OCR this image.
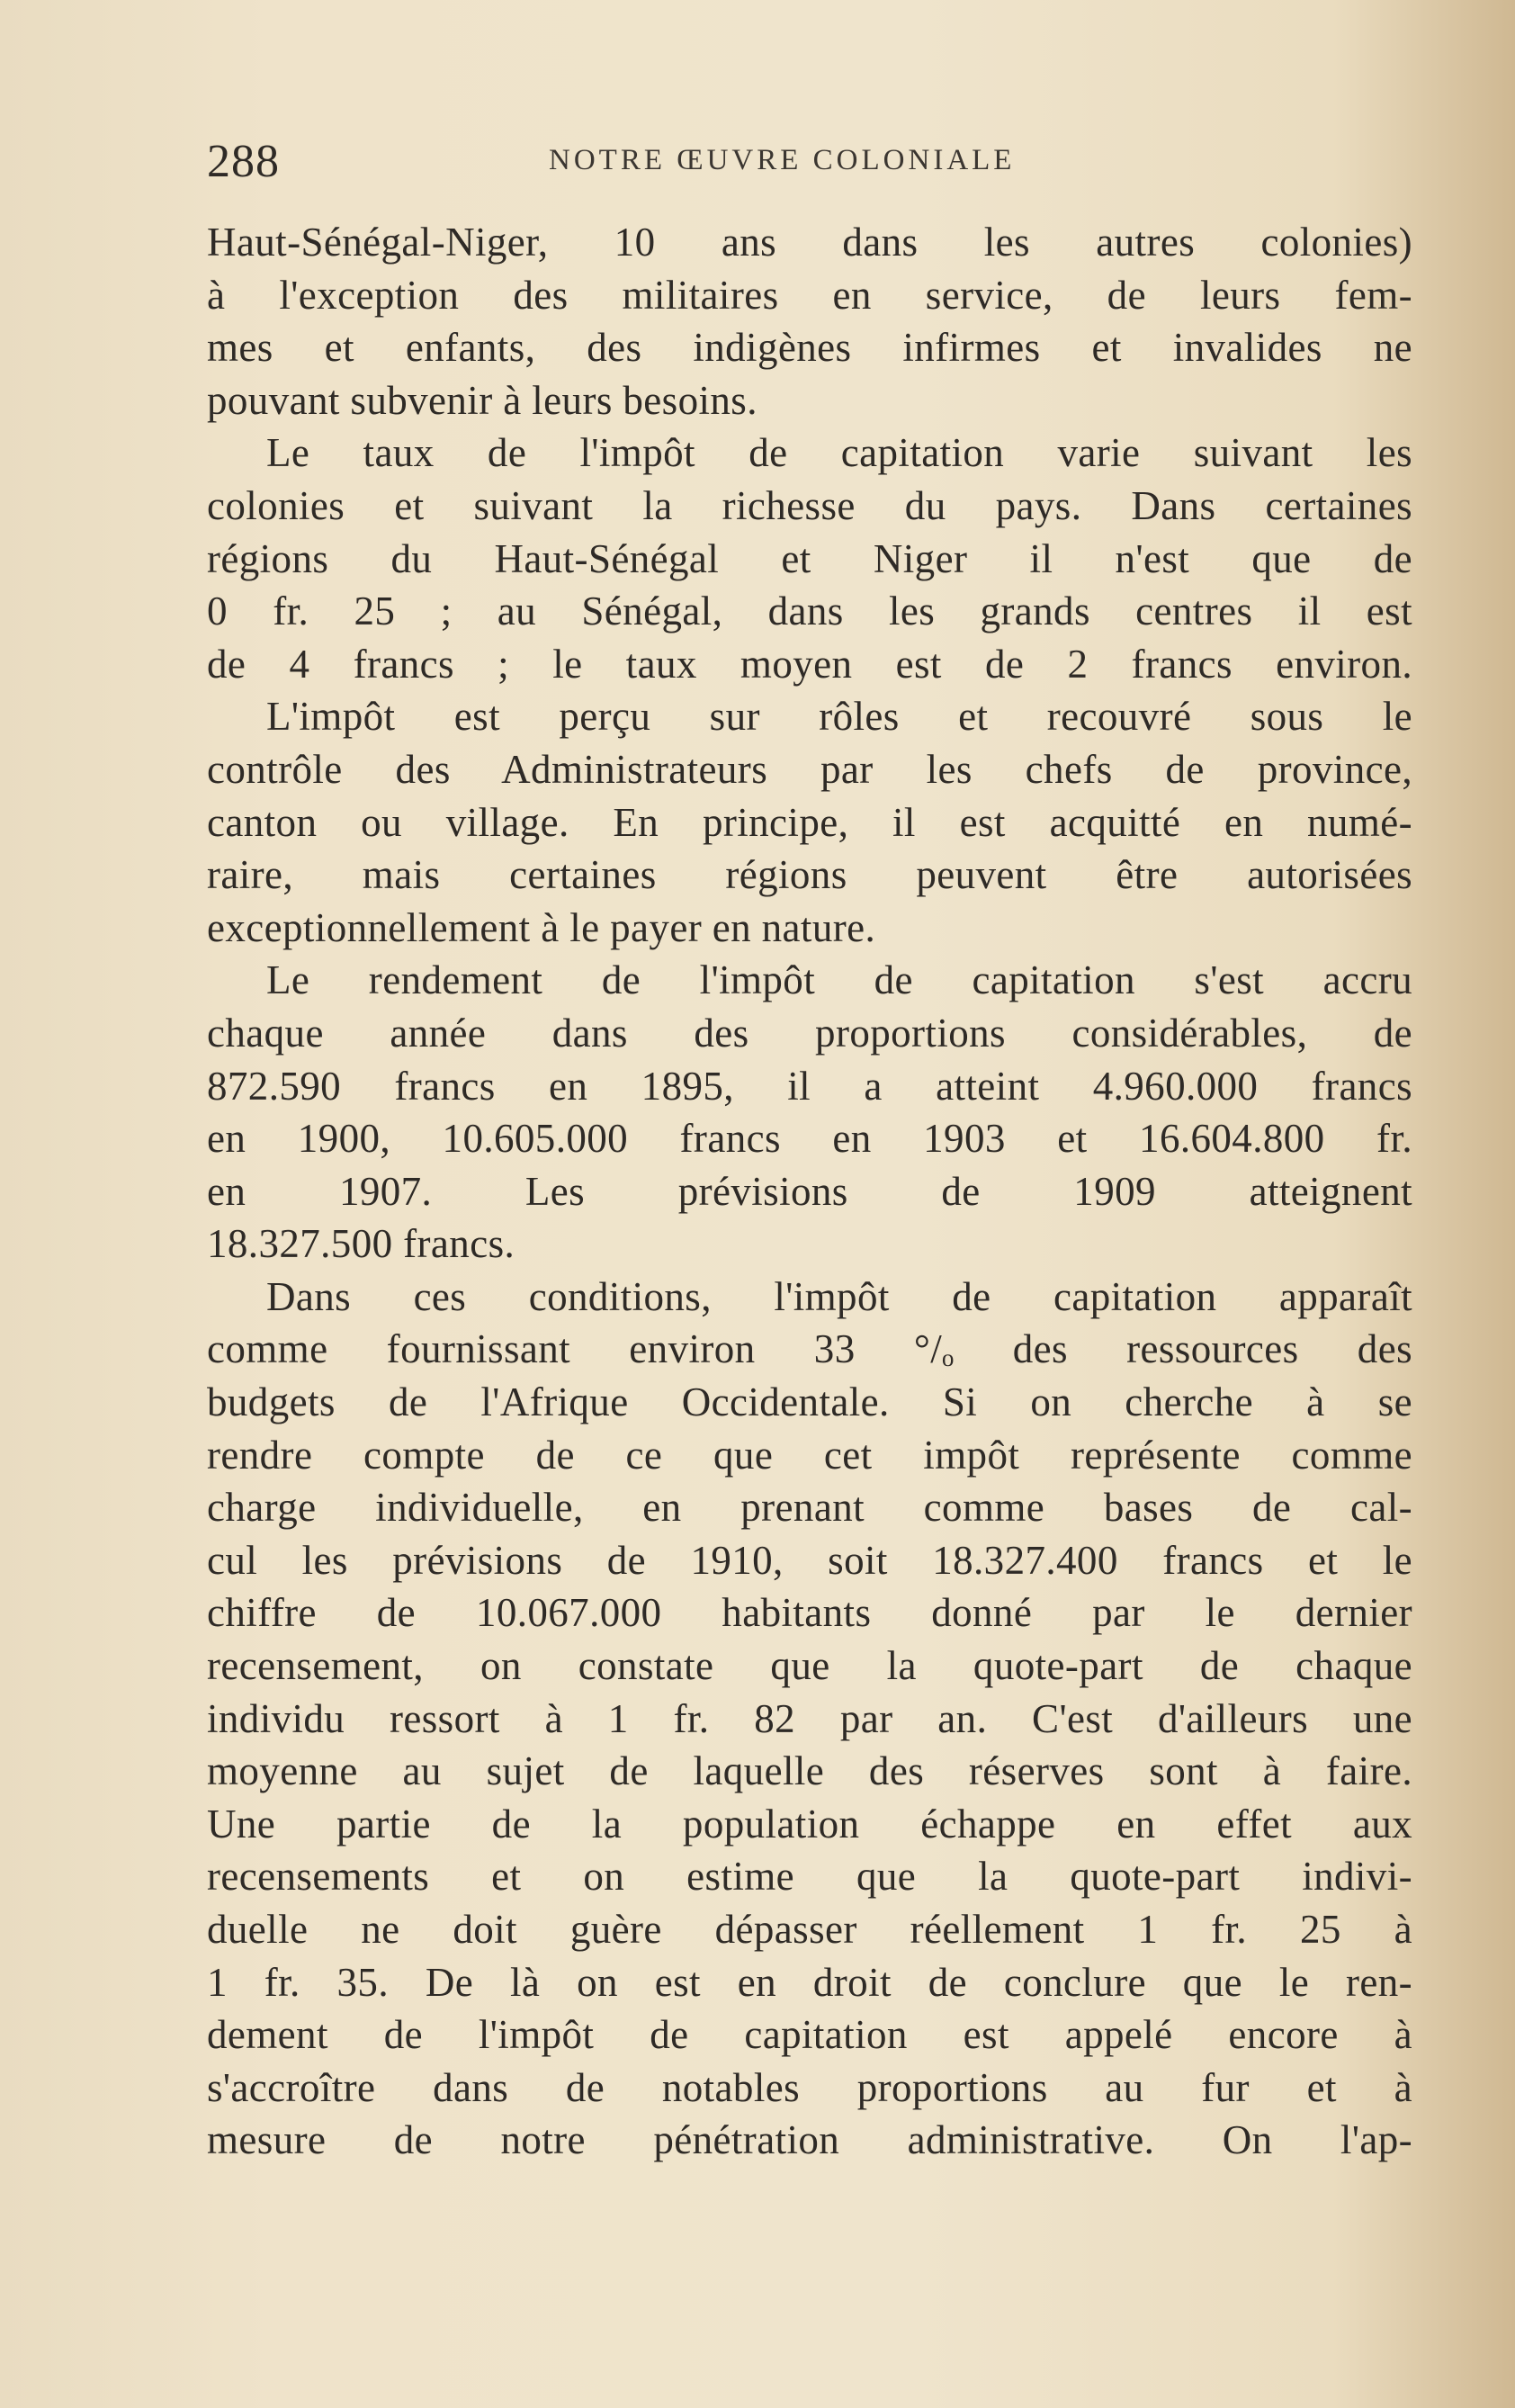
288	NOTRE ŒUVRE COLONIALE
Haut-Sénégal-Niger, 10 ans dans les autres colonies)
à l'exception des militaires en service, de leurs fem-
mes et enfants, des indigènes infirmes et invalides ne
pouvant subvenir à leurs besoins.
Le taux de l'impôt de capitation varie suivant les
colonies et suivant la richesse du pays. Dans certaines
régions du Haut-Sénégal et Niger il n'est que de
0 fr. 25 ; au Sénégal, dans les grands centres il est
de 4 francs ; le taux moyen est de 2 francs environ.
L'impôt est perçu sur rôles et recouvré sous le
contrôle des Administrateurs par les chefs de province,
canton ou village. En principe, il est acquitté en numé-
raire, mais certaines régions peuvent être autorisées
exceptionnellement à le payer en nature.
Le rendement de l'impôt de capitation s'est accru
chaque année dans des proportions considérables, de
872.590 francs en 1895, il a atteint 4.960.000 francs
en 1900, 10.605.000 francs en 1903 et 16.604.800 fr.
en 1907. Les prévisions de 1909 atteignent
18.327.500 francs.
Dans ces conditions, l'impôt de capitation apparaît
comme fournissant environ 33 °/ₒ des ressources des
budgets de l'Afrique Occidentale. Si on cherche à se
rendre compte de ce que cet impôt représente comme
charge individuelle, en prenant comme bases de cal-
cul les prévisions de 1910, soit 18.327.400 francs et le
chiffre de 10.067.000 habitants donné par le dernier
recensement, on constate que la quote-part de chaque
individu ressort à 1 fr. 82 par an. C'est d'ailleurs une
moyenne au sujet de laquelle des réserves sont à faire.
Une partie de la population échappe en effet aux
recensements et on estime que la quote-part indivi-
duelle ne doit guère dépasser réellement 1 fr. 25 à
1 fr. 35. De là on est en droit de conclure que le ren-
dement de l'impôt de capitation est appelé encore à
s'accroître dans de notables proportions au fur et à
mesure de notre pénétration administrative. On l'ap-
